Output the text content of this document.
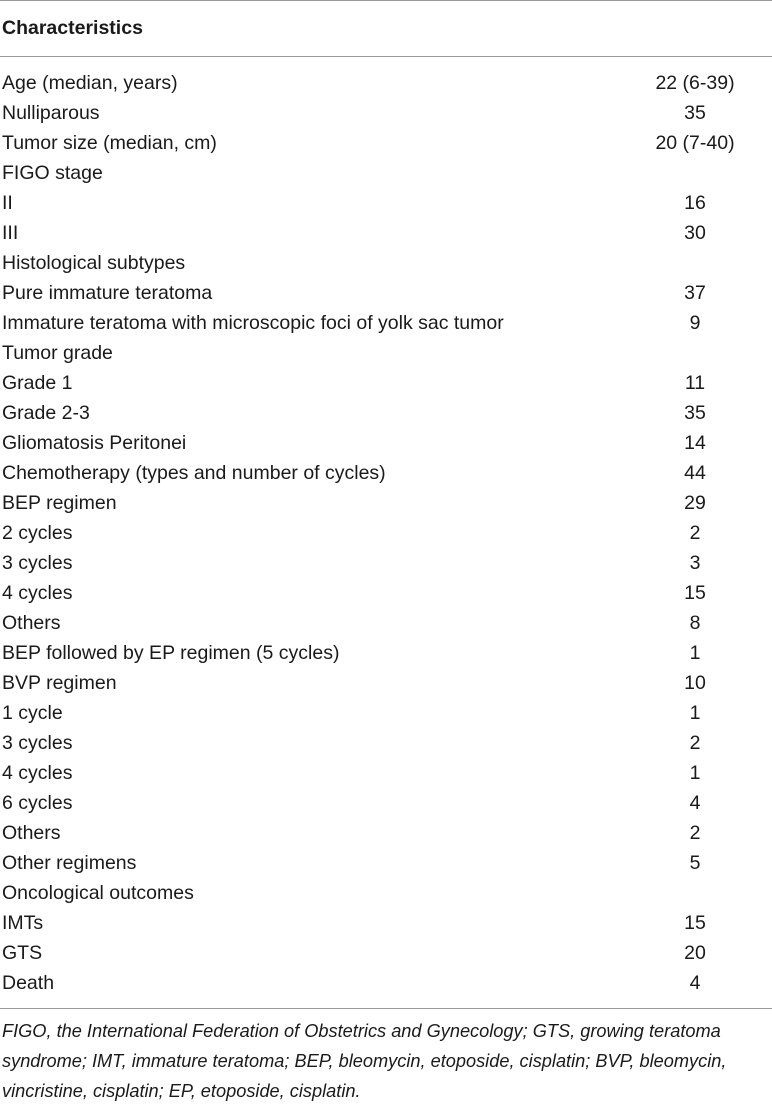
Characteristics
Age (median, years)	22 (6-39)
Nulliparous	35
Tumor size (median, cm)	20 (7-40)
FIGO stage
II	16
III	30
Histological subtypes
Pure immature teratoma	37
Immature teratoma with microscopic foci of yolk sac tumor	9
Tumor grade
Grade 1	11
Grade 2-3	35
Gliomatosis Peritonei	14
Chemotherapy (types and number of cycles)	44
BEP regimen	29
2 cycles	2
3 cycles	3
4 cycles	15
Others	8
BEP followed by EP regimen (5 cycles)	1
BVP regimen	10
1 cycle	1
3 cycles	2
4 cycles	1
6 cycles	4
Others	2
Other regimens	5
Oncological outcomes
IMTs	15
GTS	20
Death	4
FIGO, the International Federation of Obstetrics and Gynecology; GTS, growing teratoma syndrome; IMT, immature teratoma; BEP, bleomycin, etoposide, cisplatin; BVP, bleomycin, vincristine, cisplatin; EP, etoposide, cisplatin.
